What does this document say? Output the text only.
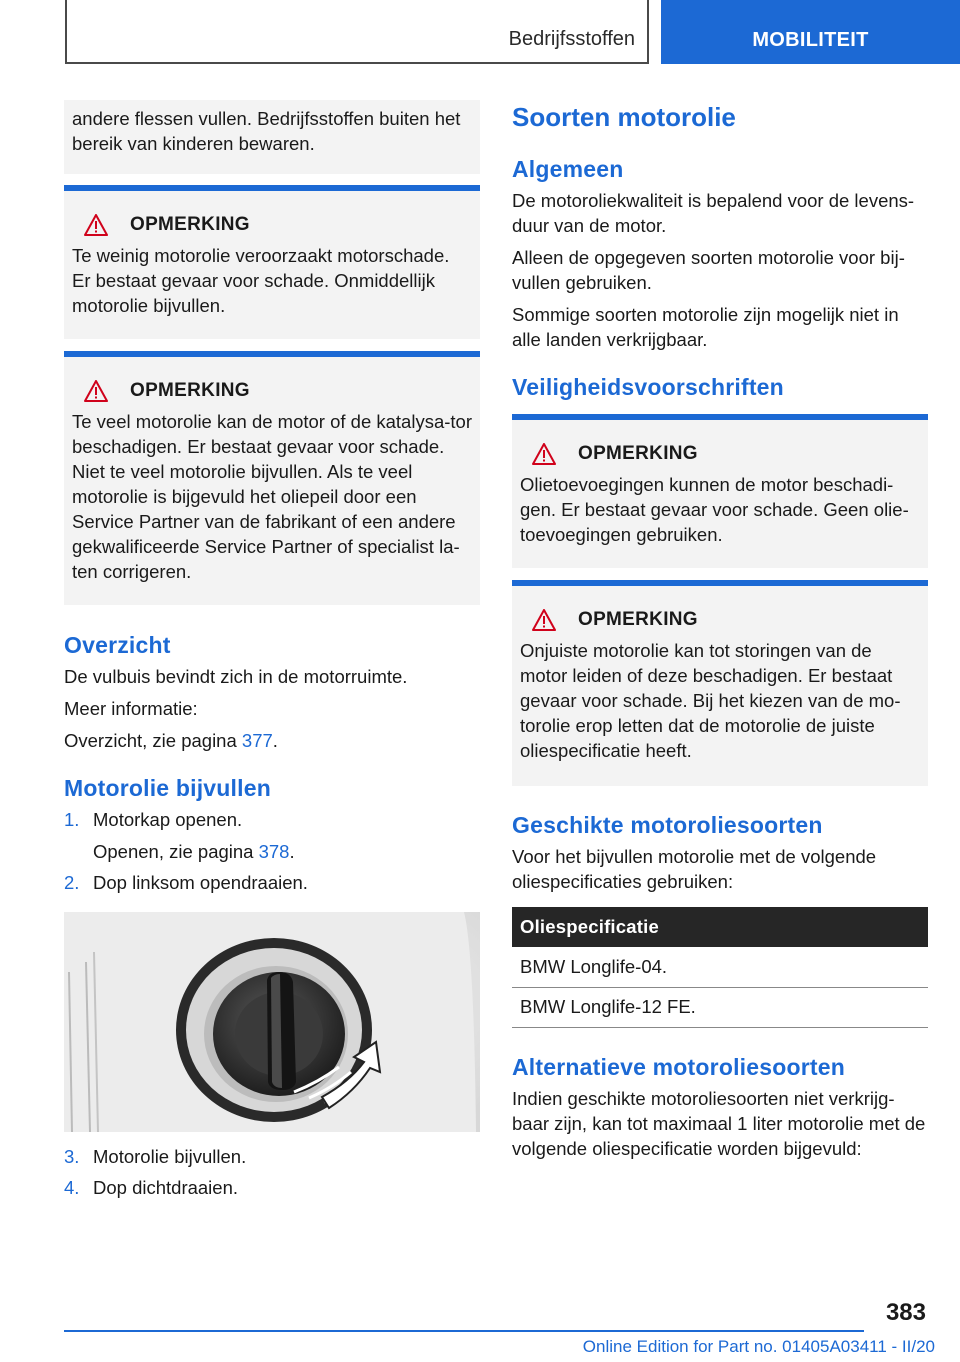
Bedrijfsstoffen	MOBILITEIT

andere flessen vullen. Bedrijfsstoffen buiten het bereik van kinderen bewaren.

OPMERKING

Te weinig motorolie veroorzaakt motorschade. Er bestaat gevaar voor schade. Onmiddellijk motorolie bijvullen.

OPMERKING

Te veel motorolie kan de motor of de katalysa-tor beschadigen. Er bestaat gevaar voor schade. Niet te veel motorolie bijvullen. Als te veel motorolie is bijgevuld het oliepeil door een Service Partner van de fabrikant of een andere gekwalificeerde Service Partner of specialist la-ten corrigeren.

Overzicht

De vulbuis bevindt zich in de motorruimte.

Meer informatie:

Overzicht, zie pagina 377.

Motorolie bijvullen
1. Motorkap openen.
Openen, zie pagina 378.
2. Dop linksom opendraaien.
3. Motorolie bijvullen.
4. Dop dichtdraaien.
Soorten motorolie
Algemeen

De motoroliekwaliteit is bepalend voor de levens-duur van de motor.

Alleen de opgegeven soorten motorolie voor bij-vullen gebruiken.

Sommige soorten motorolie zijn mogelijk niet in alle landen verkrijgbaar.

Veiligheidsvoorschriften
OPMERKING

Olietoevoegingen kunnen de motor beschadi-gen. Er bestaat gevaar voor schade. Geen olie-toevoegingen gebruiken.

OPMERKING

Onjuiste motorolie kan tot storingen van de motor leiden of deze beschadigen. Er bestaat gevaar voor schade. Bij het kiezen van de mo-torolie erop letten dat de motorolie de juiste oliespecificatie heeft.

Geschikte motoroliesoorten

Voor het bijvullen motorolie met de volgende oliespecificaties gebruiken:

Oliespecificatie
BMW Longlife-04.
BMW Longlife-12 FE.
Alternatieve motoroliesoorten

Indien geschikte motoroliesoorten niet verkrijg-baar zijn, kan tot maximaal 1 liter motorolie met de volgende oliespecificatie worden bijgevuld:

383
Online Edition for Part no. 01405A03411 - II/20
